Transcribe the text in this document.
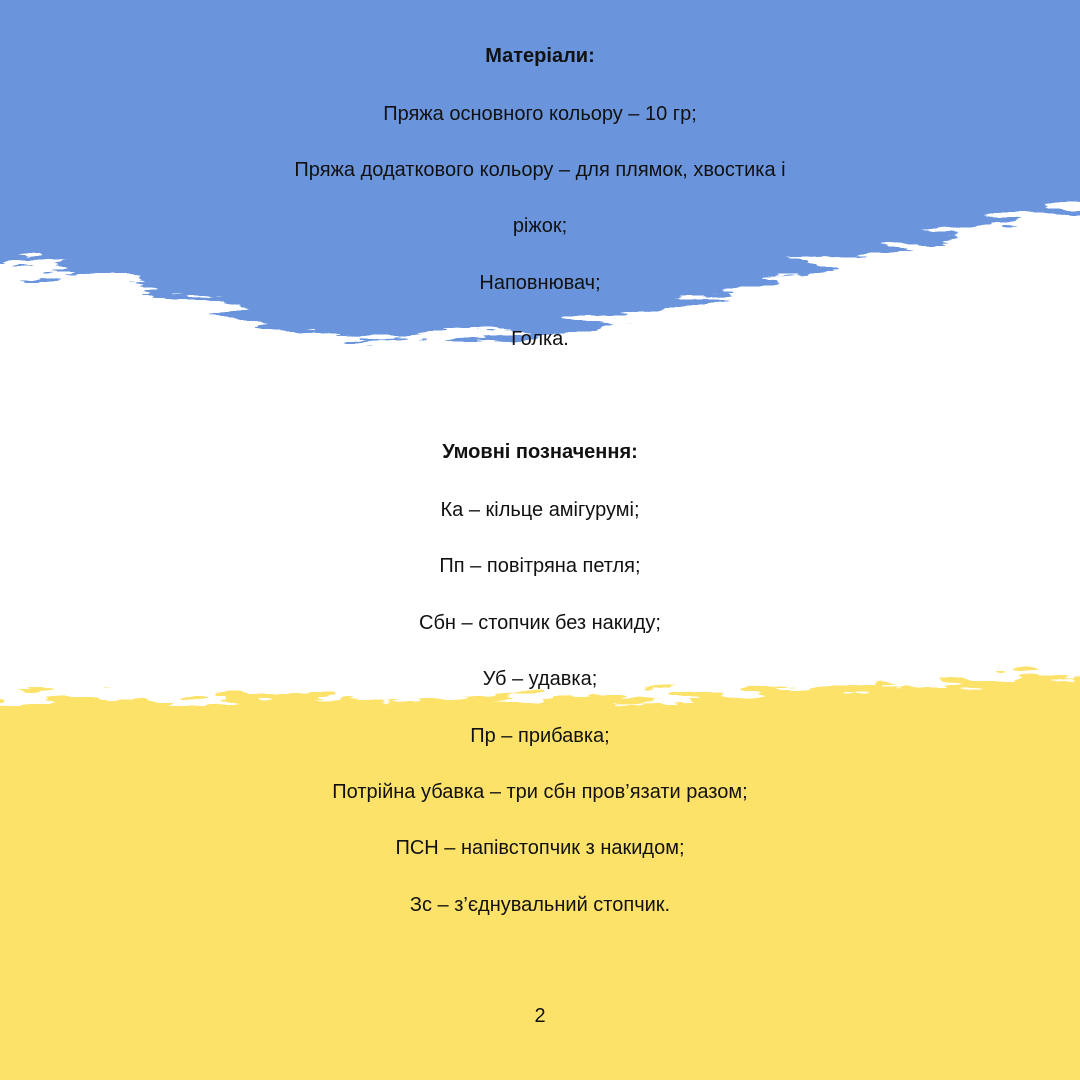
Матеріали:
Пряжа основного кольору – 10 гр;
Пряжа додаткового кольору – для плямок, хвостика і
ріжок;
Наповнювач;
Голка.
Умовні позначення:
Ка – кільце амігурумі;
Пп – повітряна петля;
Сбн – стопчик без накиду;
Уб – удавка;
Пр – прибавка;
Потрійна убавка – три сбн пров’язати разом;
ПСН – напівстопчик з накидом;
Зс – з’єднувальний стопчик.
2
